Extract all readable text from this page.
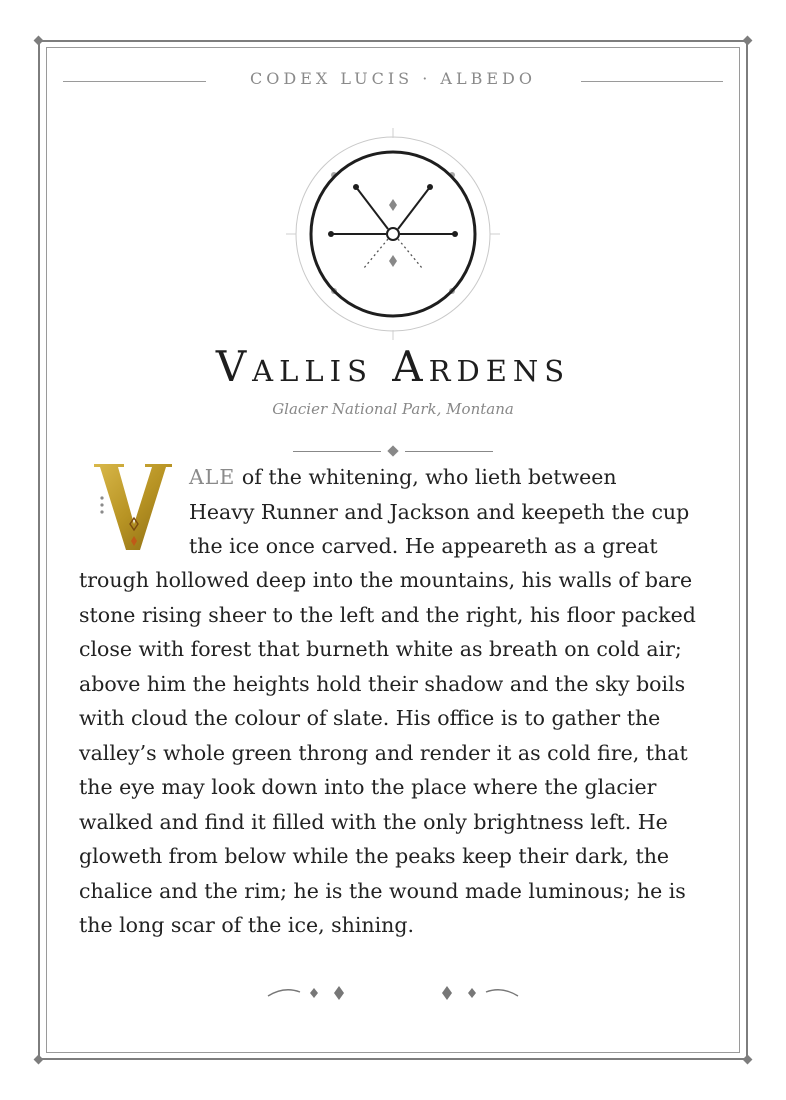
CODEX LUCIS · ALBEDO
Vallis Ardens
Glacier National Park, Montana
ALE of the whitening, who lieth between
Heavy Runner and Jackson and keepeth the cup
the ice once carved. He appeareth as a great
trough hollowed deep into the mountains, his walls of bare
stone rising sheer to the left and the right, his floor packed
close with forest that burneth white as breath on cold air;
above him the heights hold their shadow and the sky boils
with cloud the colour of slate. His office is to gather the
valley’s whole green throng and render it as cold fire, that
the eye may look down into the place where the glacier
walked and find it filled with the only brightness left. He
gloweth from below while the peaks keep their dark, the
chalice and the rim; he is the wound made luminous; he is
the long scar of the ice, shining.
